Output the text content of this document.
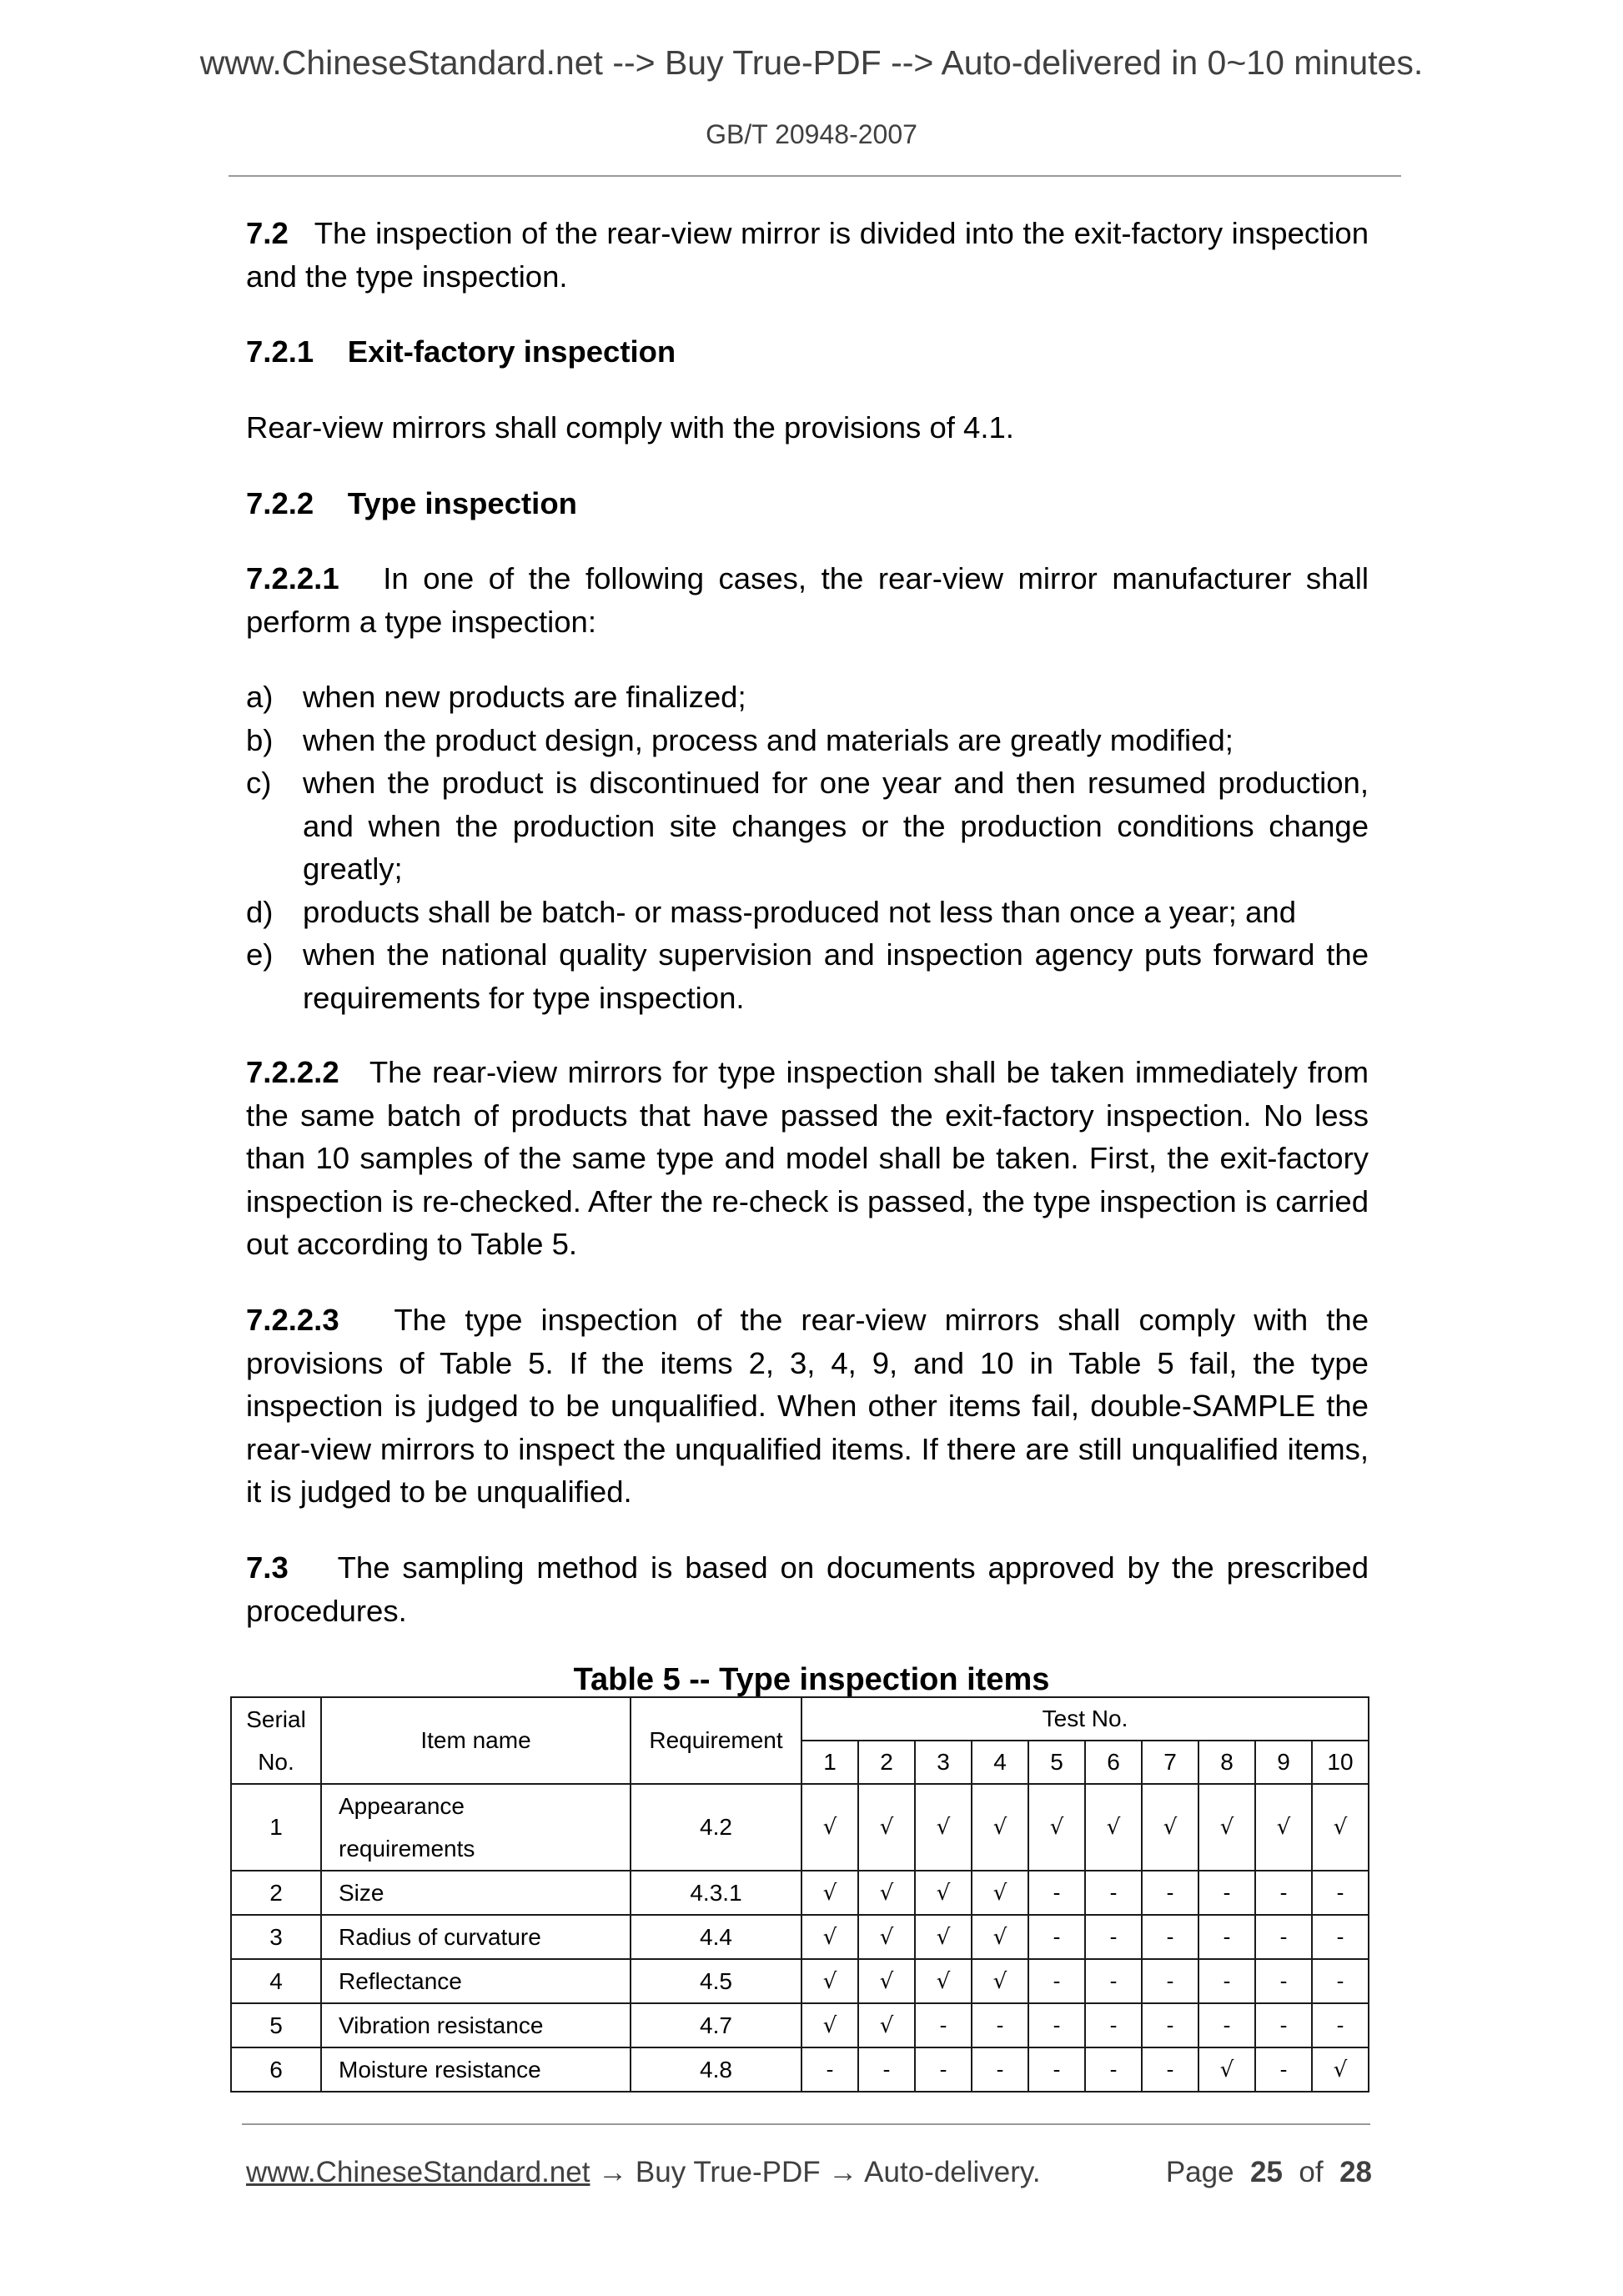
www.ChineseStandard.net --> Buy True-PDF --> Auto-delivered in 0~10 minutes.
GB/T 20948-2007

7.2 The inspection of the rear-view mirror is divided into the exit-factory inspection and the type inspection.

7.2.1 Exit-factory inspection

Rear-view mirrors shall comply with the provisions of 4.1.

7.2.2 Type inspection

7.2.2.1 In one of the following cases, the rear-view mirror manufacturer shall perform a type inspection:

a) when new products are finalized;
b) when the product design, process and materials are greatly modified;
c) when the product is discontinued for one year and then resumed production, and when the production site changes or the production conditions change greatly;
d) products shall be batch- or mass-produced not less than once a year; and
e) when the national quality supervision and inspection agency puts forward the requirements for type inspection.

7.2.2.2 The rear-view mirrors for type inspection shall be taken immediately from the same batch of products that have passed the exit-factory inspection. No less than 10 samples of the same type and model shall be taken. First, the exit-factory inspection is re-checked. After the re-check is passed, the type inspection is carried out according to Table 5.

7.2.2.3 The type inspection of the rear-view mirrors shall comply with the provisions of Table 5. If the items 2, 3, 4, 9, and 10 in Table 5 fail, the type inspection is judged to be unqualified. When other items fail, double-SAMPLE the rear-view mirrors to inspect the unqualified items. If there are still unqualified items, it is judged to be unqualified.

7.3 The sampling method is based on documents approved by the prescribed procedures.

Table 5 -- Type inspection items
Serial
No.	Item name	Requirement	Test No.									
			1	2	3	4	5	6	7	8	9	10
1	Appearance
requirements	4.2	√	√	√	√	√	√	√	√	√	√
2	Size	4.3.1	√	√	√	√	-	-	-	-	-	-
3	Radius of curvature	4.4	√	√	√	√	-	-	-	-	-	-
4	Reflectance	4.5	√	√	√	√	-	-	-	-	-	-
5	Vibration resistance	4.7	√	√	-	-	-	-	-	-	-	-
6	Moisture resistance	4.8	-	-	-	-	-	-	-	√	-	√
www.ChineseStandard.net → Buy True-PDF → Auto-delivery.	Page 25 of 28
